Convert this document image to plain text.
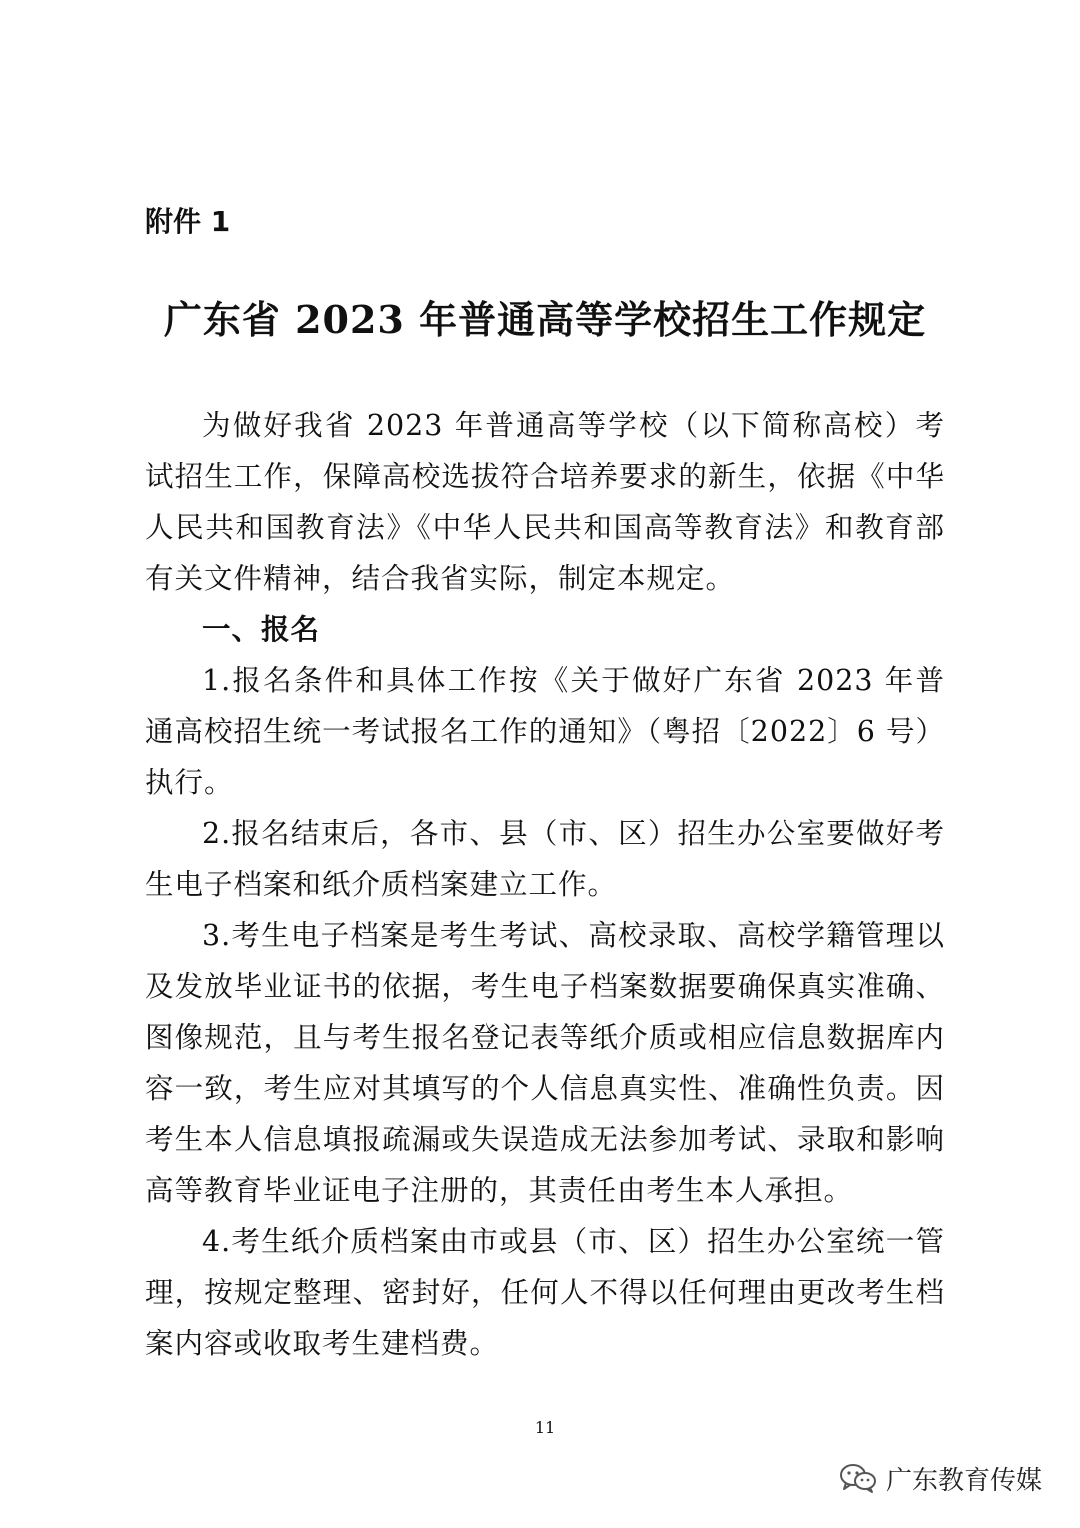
附件 1
广东省 2023 年普通高等学校招生工作规定

为做好我省 2023 年普通高等学校（以下简称高校）考试招生工作，保障高校选拔符合培养要求的新生，依据《中华人民共和国教育法》《中华人民共和国高等教育法》和教育部有关文件精神，结合我省实际，制定本规定。

一、报名

1.报名条件和具体工作按《关于做好广东省 2023 年普通高校招生统一考试报名工作的通知》（粤招〔2022〕6 号）执行。

2.报名结束后，各市、县（市、区）招生办公室要做好考生电子档案和纸介质档案建立工作。

3.考生电子档案是考生考试、高校录取、高校学籍管理以及发放毕业证书的依据，考生电子档案数据要确保真实准确、图像规范，且与考生报名登记表等纸介质或相应信息数据库内容一致，考生应对其填写的个人信息真实性、准确性负责。因考生本人信息填报疏漏或失误造成无法参加考试、录取和影响高等教育毕业证电子注册的，其责任由考生本人承担。

4.考生纸介质档案由市或县（市、区）招生办公室统一管理，按规定整理、密封好，任何人不得以任何理由更改考生档案内容或收取考生建档费。

11
广东教育传媒
